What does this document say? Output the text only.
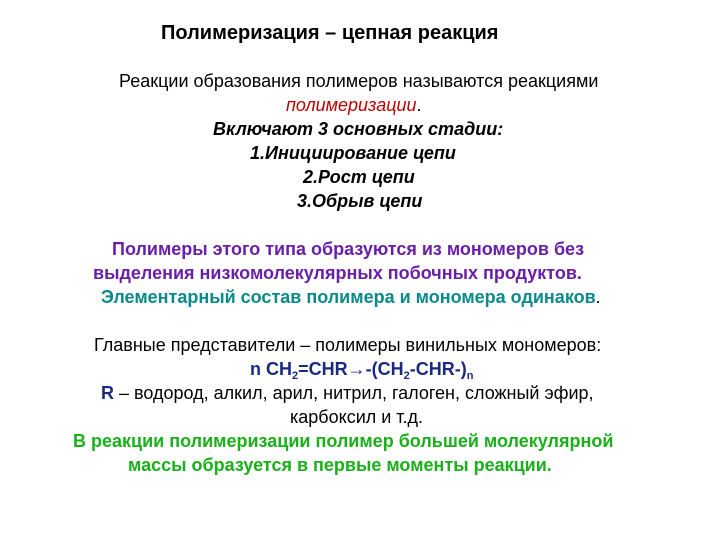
Полимеризация – цепная реакция
Реакции образования полимеров называются реакциями
полимеризации.
Включают 3 основных стадии:
1.Инициирование цепи
2.Рост цепи
3.Обрыв цепи
Полимеры этого типа образуются из мономеров без
выделения низкомолекулярных побочных продуктов.
Элементарный состав полимера и мономера одинаков.
Главные представители – полимеры винильных мономеров:
n $CH_2=CHR\to-(CH_2-CHR-)_n$
R – водород, алкил, арил, нитрил, галоген, сложный эфир,
карбоксил и т.д.
В реакции полимеризации полимер большей молекулярной
массы образуется в первые моменты реакции.
